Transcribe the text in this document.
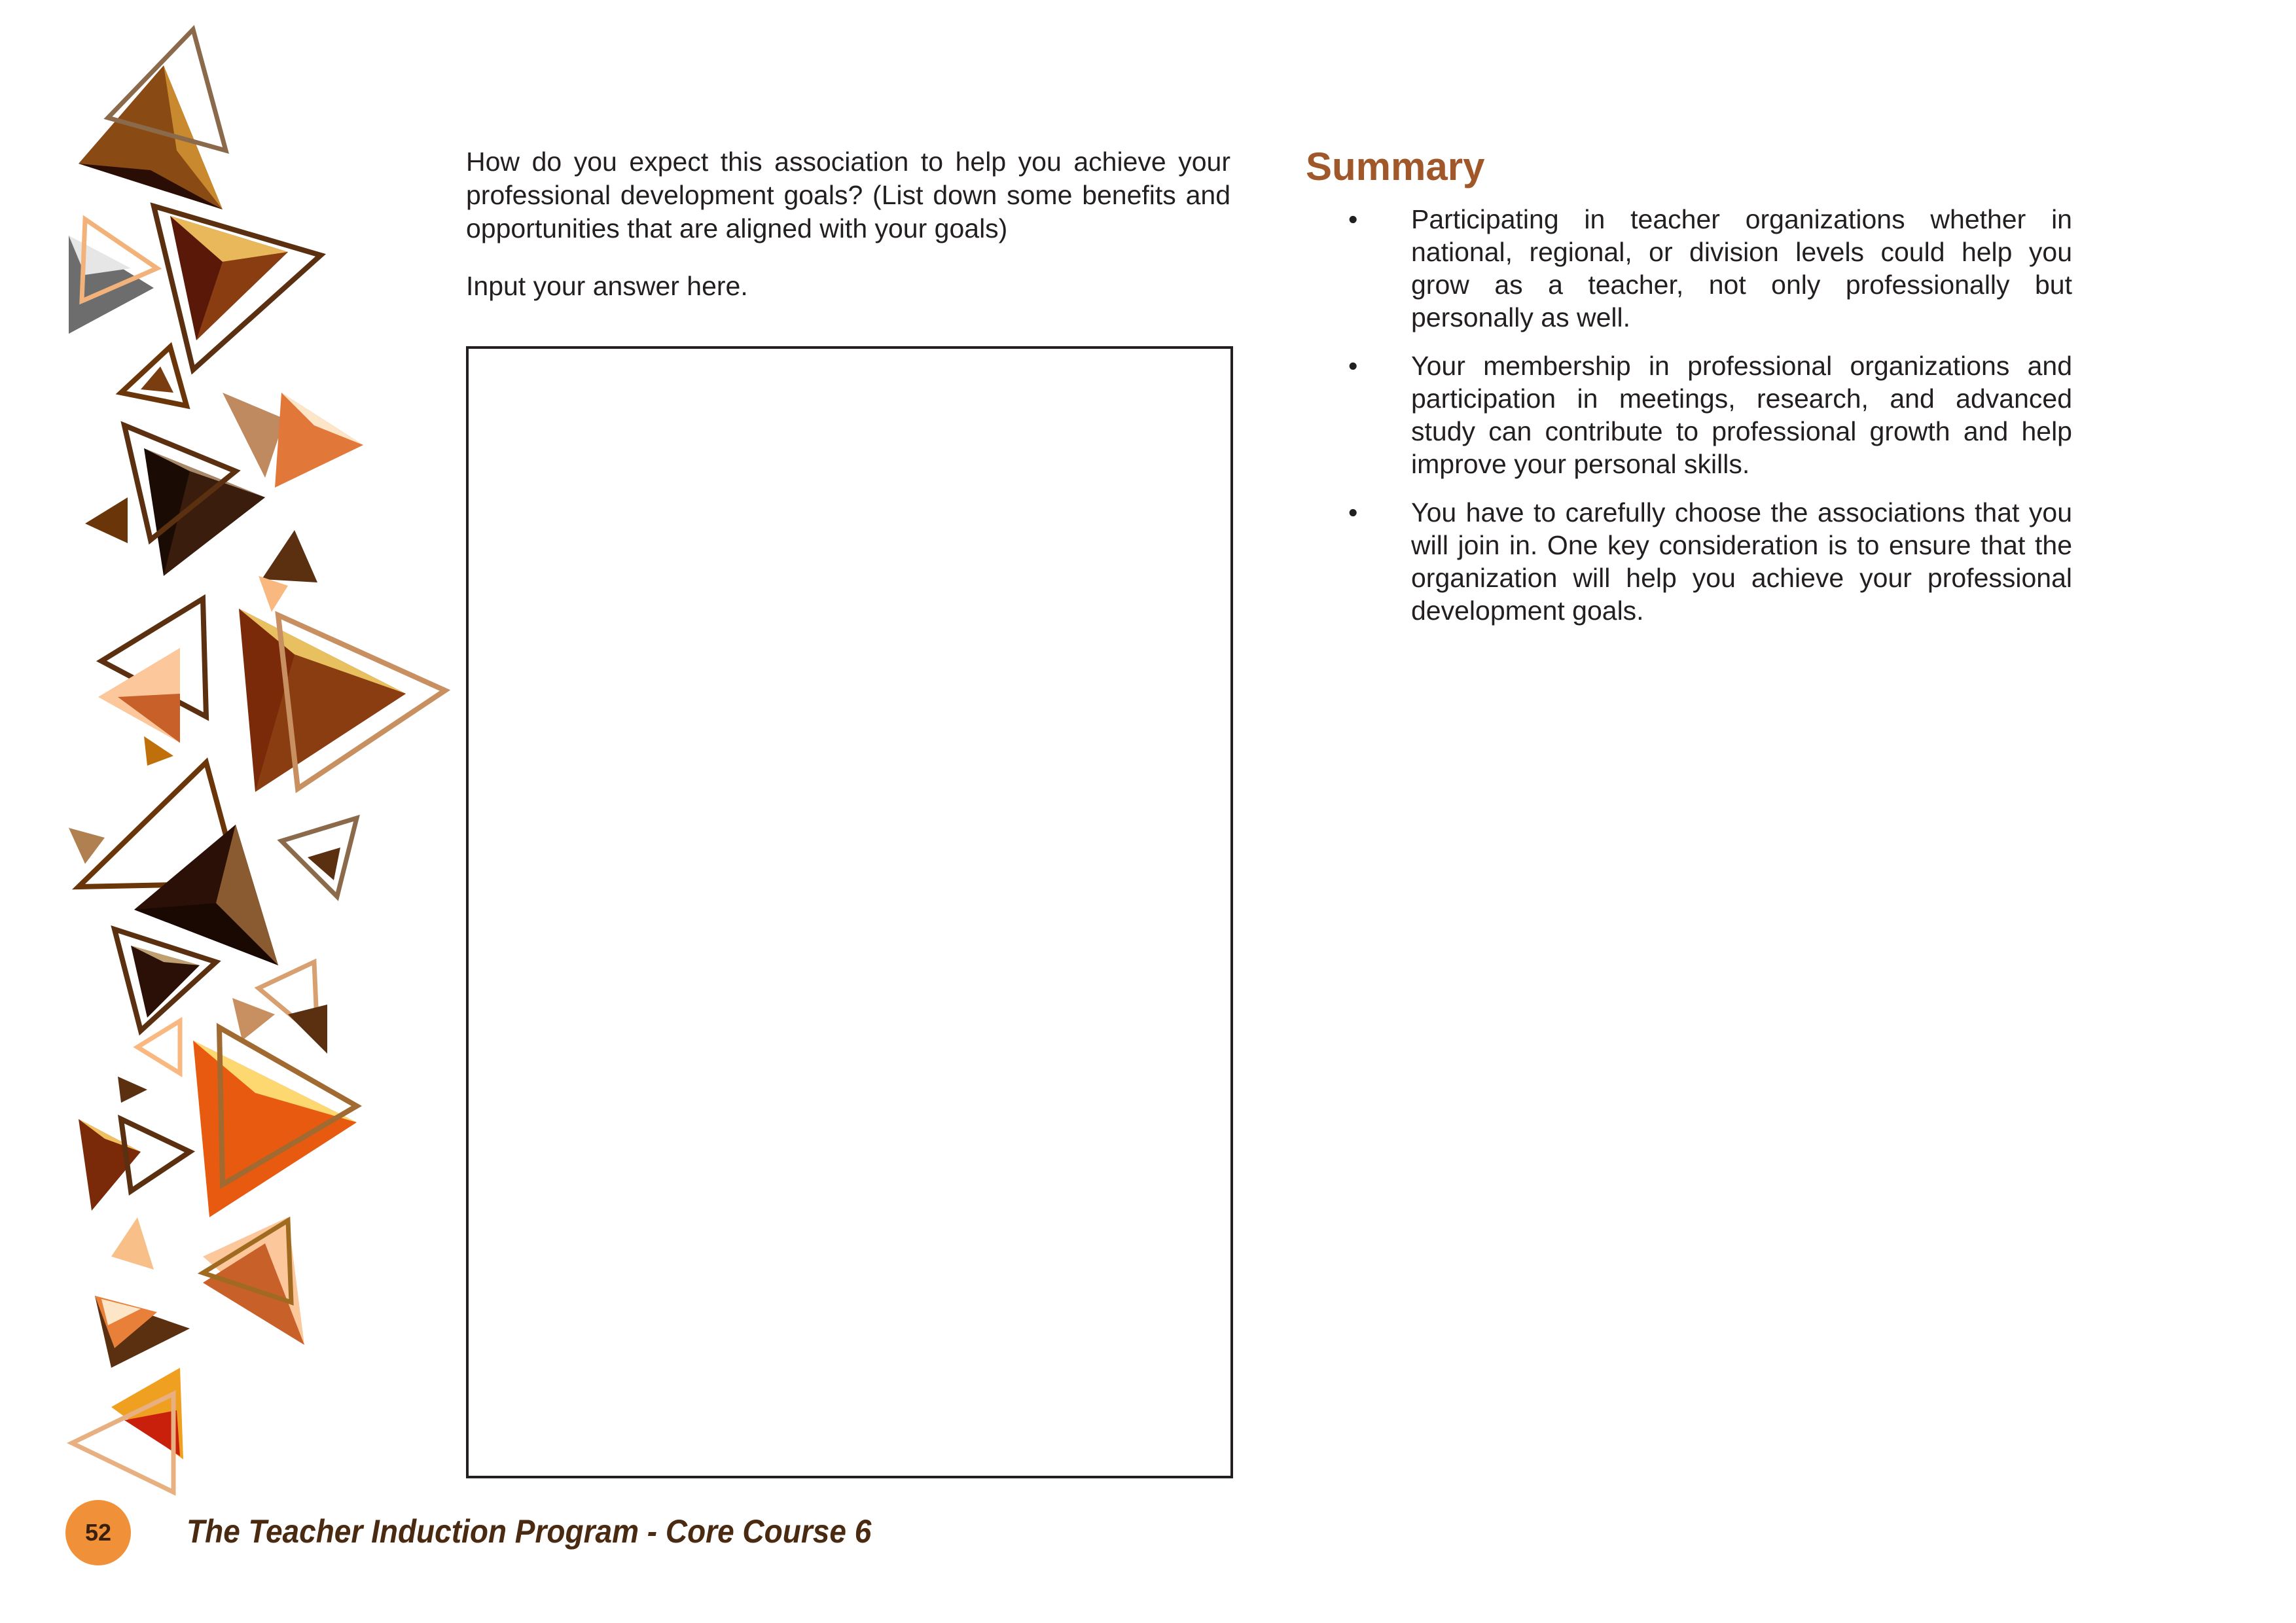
How do you expect this association to help you achieve your professional development goals? (List down some benefits and opportunities that are aligned with your goals)

Input your answer here.

Summary
• Participating in teacher organizations whether in national, regional, or division levels could help you grow as a teacher, not only professionally but personally as well.
• Your membership in professional organizations and participation in meetings, research, and advanced study can contribute to professional growth and help improve your personal skills.
• You have to carefully choose the associations that you will join in. One key consideration is to ensure that the organization will help you achieve your professional development goals.
52 The Teacher Induction Program - Core Course 6
